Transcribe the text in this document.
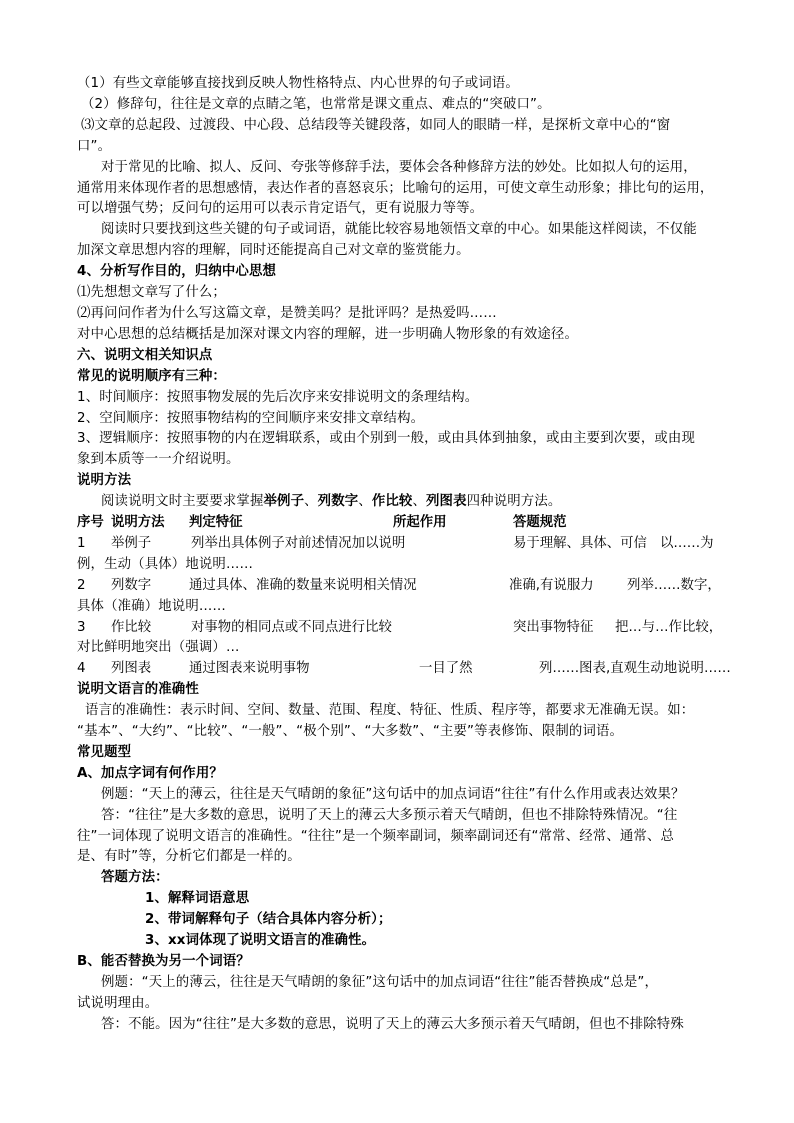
（1）有些文章能够直接找到反映人物性格特点、内心世界的句子或词语。
（2）修辞句，往往是文章的点睛之笔，也常常是课文重点、难点的“突破口”。
⑶文章的总起段、过渡段、中心段、总结段等关键段落，如同人的眼睛一样，是探析文章中心的“窗
口”。
对于常见的比喻、拟人、反问、夸张等修辞手法，要体会各种修辞方法的妙处。比如拟人句的运用，
通常用来体现作者的思想感情，表达作者的喜怒哀乐；比喻句的运用，可使文章生动形象；排比句的运用，
可以增强气势；反问句的运用可以表示肯定语气，更有说服力等等。
阅读时只要找到这些关键的句子或词语，就能比较容易地领悟文章的中心。如果能这样阅读，不仅能
加深文章思想内容的理解，同时还能提高自己对文章的鉴赏能力。
4、分析写作目的，归纳中心思想
⑴先想想文章写了什么；
⑵再问问作者为什么写这篇文章，是赞美吗？是批评吗？是热爱吗……
对中心思想的总结概括是加深对课文内容的理解，进一步明确人物形象的有效途径。
六、说明文相关知识点
常见的说明顺序有三种：
1、时间顺序：按照事物发展的先后次序来安排说明文的条理结构。
2、空间顺序：按照事物结构的空间顺序来安排文章结构。
3、逻辑顺序：按照事物的内在逻辑联系，或由个别到一般，或由具体到抽象，或由主要到次要，或由现
象到本质等一一介绍说明。
说明方法
阅读说明文时主要要求掌握举例子、列数字、作比较、列图表四种说明方法。
序号 说明方法 判定特征	所起作用	答题规范
1 举例子	列举出具体例子对前述情况加以说明	易于理解、具体、可信 以……为
例，生动（具体）地说明……
2 列数字	通过具体、准确的数量来说明相关情况	准确,有说服力 列举……数字，
具体（准确）地说明……
3 作比较	对事物的相同点或不同点进行比较	突出事物特征 把…与…作比较，
对比鲜明地突出（强调）…
4 列图表	通过图表来说明事物	一目了然	列……图表,直观生动地说明……
说明文语言的准确性
语言的准确性：表示时间、空间、数量、范围、程度、特征、性质、程序等，都要求无准确无误。如：
“基本”、“大约”、“比较”、“一般”、“极个别”、“大多数”、“主要”等表修饰、限制的词语。
常见题型
A、加点字词有何作用？
例题：“天上的薄云，往往是天气晴朗的象征”这句话中的加点词语“往往”有什么作用或表达效果？
答：“往往”是大多数的意思，说明了天上的薄云大多预示着天气晴朗，但也不排除特殊情况。“往
往”一词体现了说明文语言的准确性。“往往”是一个频率副词，频率副词还有“常常、经常、通常、总
是、有时”等，分析它们都是一样的。
答题方法：
1、解释词语意思
2、带词解释句子（结合具体内容分析）；
3、xx词体现了说明文语言的准确性。
B、能否替换为另一个词语？
例题：“天上的薄云，往往是天气晴朗的象征”这句话中的加点词语“往往”能否替换成“总是”，
试说明理由。
答：不能。因为“往往”是大多数的意思，说明了天上的薄云大多预示着天气晴朗，但也不排除特殊
